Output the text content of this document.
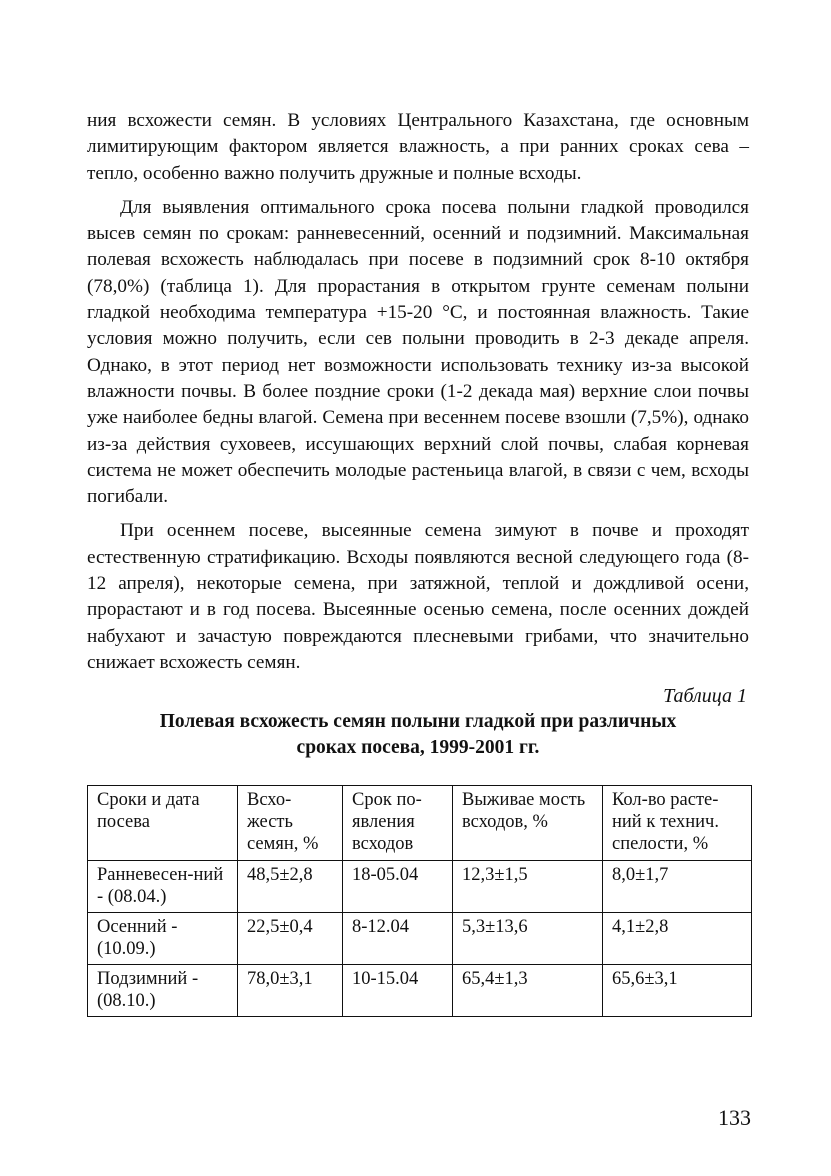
ния всхожести семян. В условиях Центрального Казахстана, где основным лимитирующим фактором является влажность, а при ранних сроках сева – тепло, особенно важно получить дружные и полные всходы.

Для выявления оптимального срока посева полыни гладкой проводился высев семян по срокам: ранневесенний, осенний и подзимний. Максимальная полевая всхожесть наблюдалась при посеве в подзимний срок 8-10 октября (78,0%) (таблица 1). Для прорастания в открытом грунте семенам полыни гладкой необходима температура +15-20 °С, и постоянная влажность. Такие условия можно получить, если сев полыни проводить в 2-3 декаде апреля. Однако, в этот период нет возможности использовать технику из-за высокой влажности почвы. В более поздние сроки (1-2 декада мая) верхние слои почвы уже наиболее бедны влагой. Семена при весеннем посеве взошли (7,5%), однако из-за действия суховеев, иссушающих верхний слой почвы, слабая корневая система не может обеспечить молодые растеньица влагой, в связи с чем, всходы погибали.

При осеннем посеве, высеянные семена зимуют в почве и проходят естественную стратификацию. Всходы появляются весной следующего года (8-12 апреля), некоторые семена, при затяжной, теплой и дождливой осени, прорастают и в год посева. Высеянные осенью семена, после осенних дождей набухают и зачастую повреждаются плесневыми грибами, что значительно снижает всхожесть семян.

Таблица 1
Полевая всхожесть семян полыни гладкой при различных
сроках посева, 1999-2001 гг.
Сроки и дата посева	Всхо-жесть семян, %	Срок по-явления всходов	Выживае мость всходов, %	Кол-во расте-ний к технич. спелости, %
Ранневесен-ний - (08.04.)	48,5±2,8	18-05.04	12,3±1,5	8,0±1,7
Осенний - (10.09.)	22,5±0,4	8-12.04	5,3±13,6	4,1±2,8
Подзимний - (08.10.)	78,0±3,1	10-15.04	65,4±1,3	65,6±3,1
133
